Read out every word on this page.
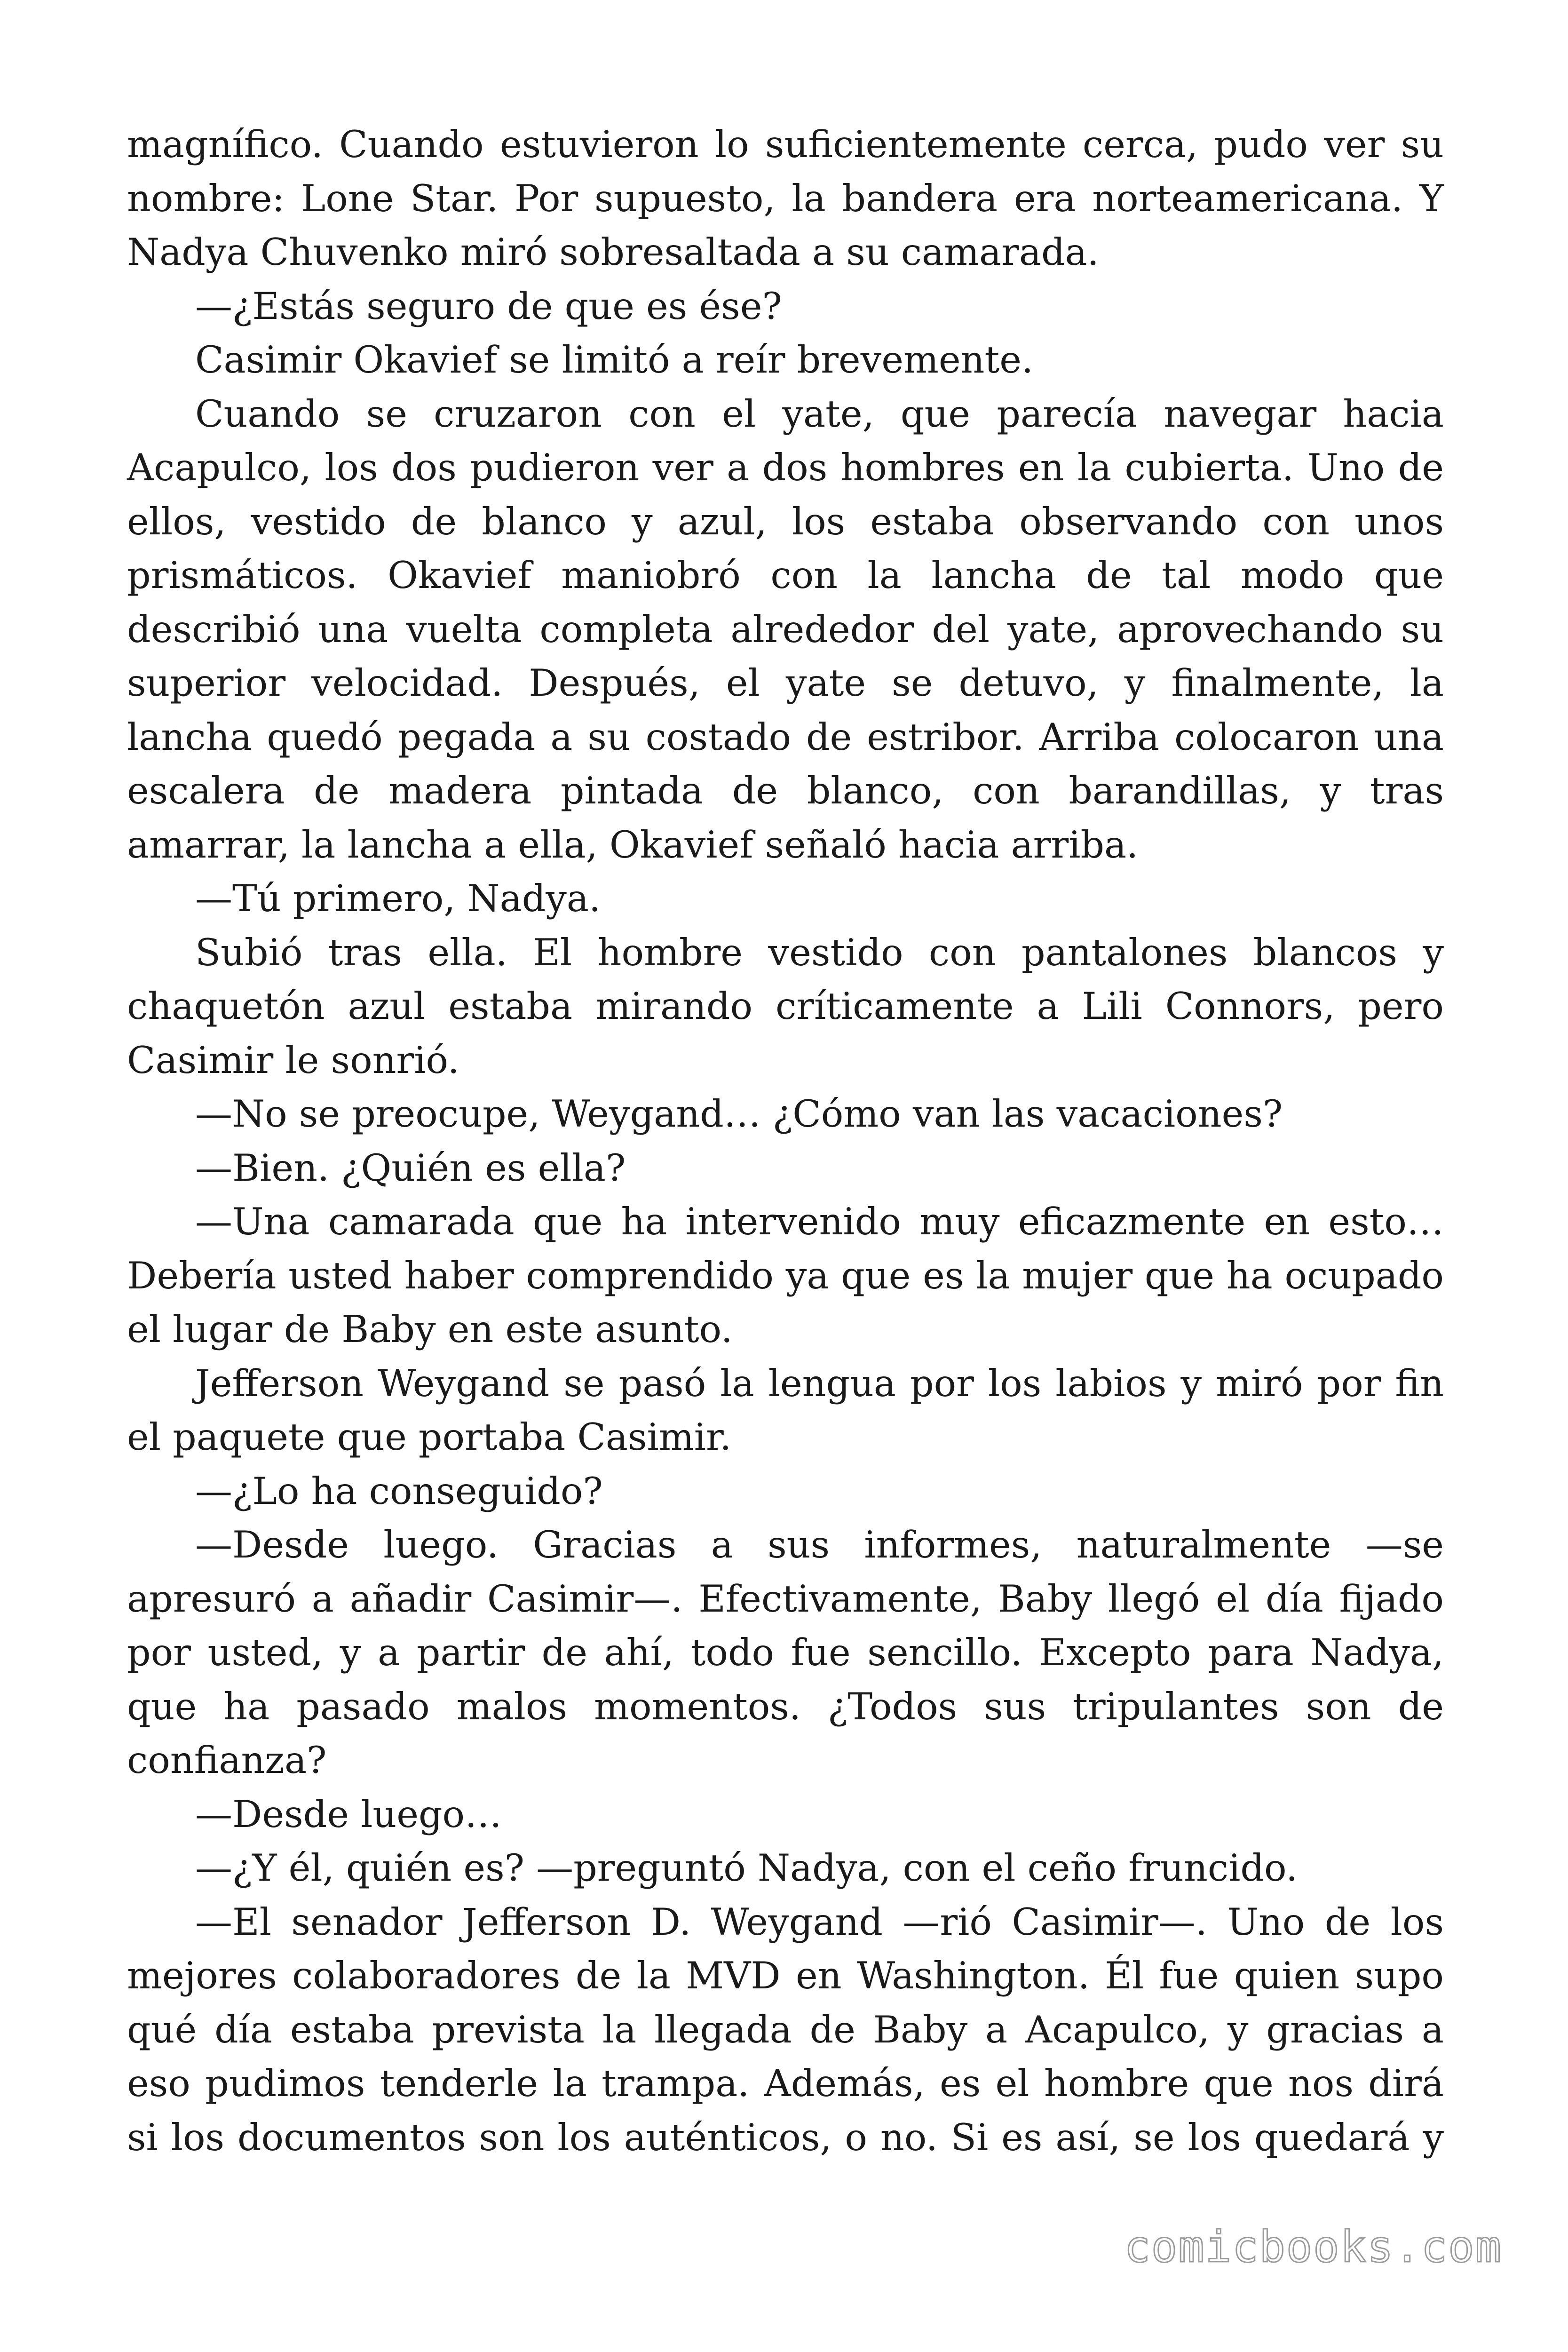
magnífico. Cuando estuvieron lo suficientemente cerca, pudo ver su nombre: Lone Star. Por supuesto, la bandera era norteamericana. Y Nadya Chuvenko miró sobresaltada a su camarada.

—¿Estás seguro de que es ése?

Casimir Okavief se limitó a reír brevemente.

Cuando se cruzaron con el yate, que parecía navegar hacia Acapulco, los dos pudieron ver a dos hombres en la cubierta. Uno de ellos, vestido de blanco y azul, los estaba observando con unos prismáticos. Okavief maniobró con la lancha de tal modo que describió una vuelta completa alrededor del yate, aprovechando su superior velocidad. Después, el yate se detuvo, y finalmente, la lancha quedó pegada a su costado de estribor. Arriba colocaron una escalera de madera pintada de blanco, con barandillas, y tras amarrar, la lancha a ella, Okavief señaló hacia arriba.

—Tú primero, Nadya.

Subió tras ella. El hombre vestido con pantalones blancos y chaquetón azul estaba mirando críticamente a Lili Connors, pero Casimir le sonrió.

—No se preocupe, Weygand… ¿Cómo van las vacaciones?

—Bien. ¿Quién es ella?

—Una camarada que ha intervenido muy eficazmente en esto… Debería usted haber comprendido ya que es la mujer que ha ocupado el lugar de Baby en este asunto.

Jefferson Weygand se pasó la lengua por los labios y miró por fin el paquete que portaba Casimir.

—¿Lo ha conseguido?

—Desde luego. Gracias a sus informes, naturalmente —se apresuró a añadir Casimir—. Efectivamente, Baby llegó el día fijado por usted, y a partir de ahí, todo fue sencillo. Excepto para Nadya, que ha pasado malos momentos. ¿Todos sus tripulantes son de confianza?

—Desde luego…

—¿Y él, quién es? —preguntó Nadya, con el ceño fruncido.

—El senador Jefferson D. Weygand —rió Casimir—. Uno de los mejores colaboradores de la MVD en Washington. Él fue quien supo qué día estaba prevista la llegada de Baby a Acapulco, y gracias a eso pudimos tenderle la trampa. Además, es el hombre que nos dirá si los documentos son los auténticos, o no. Si es así, se los quedará y

comicbooks.com
